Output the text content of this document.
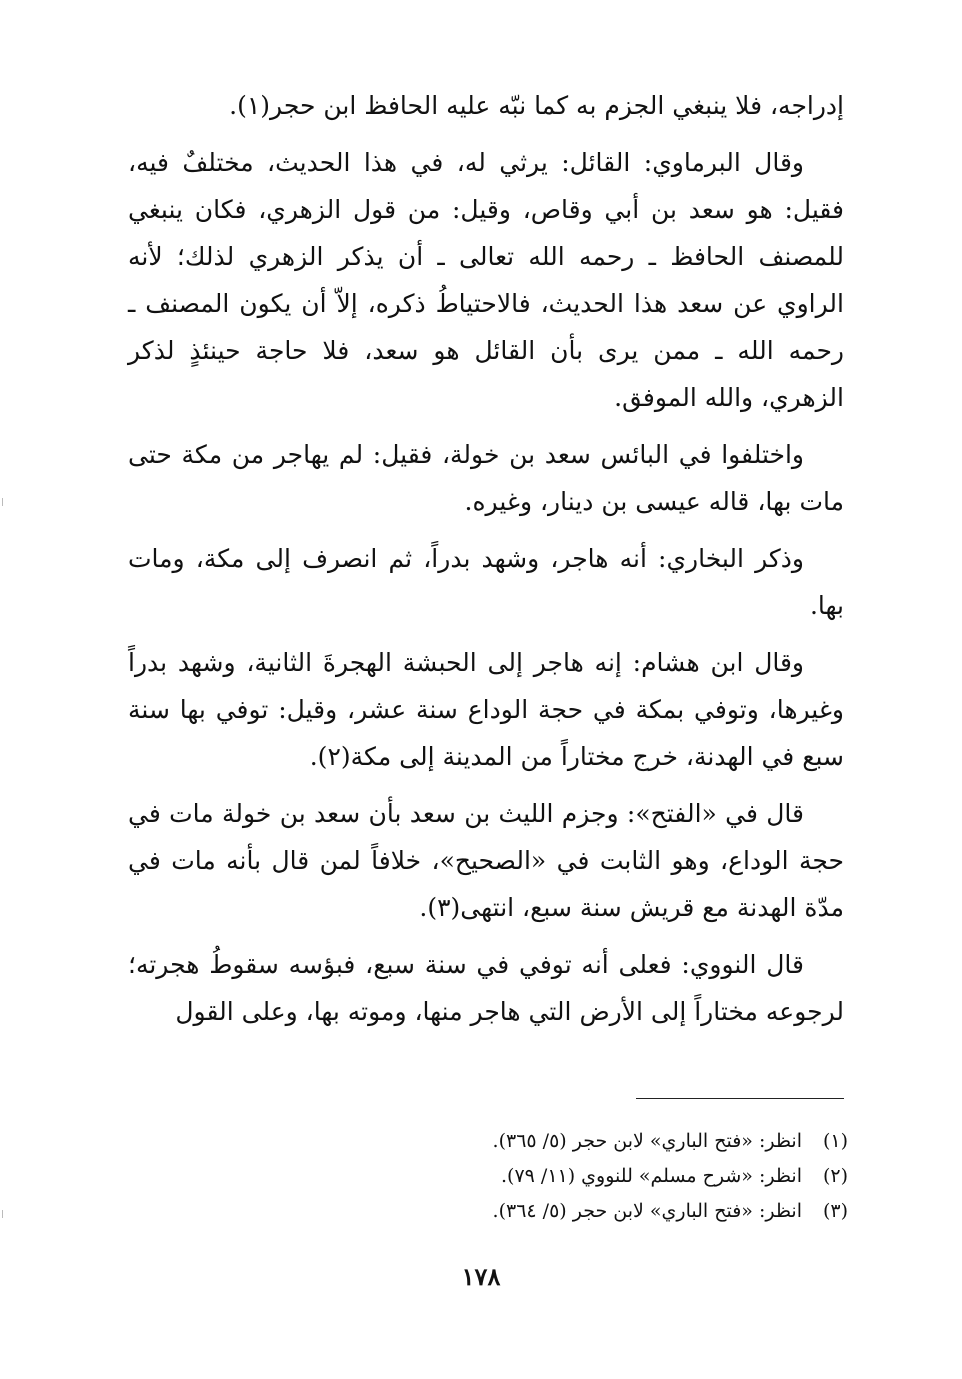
إدراجه، فلا ينبغي الجزم به كما نبّه عليه الحافظ ابن حجر(١).

وقال البرماوي: القائل: يرثي له، في هذا الحديث، مختلفٌ فيه، فقيل: هو سعد بن أبي وقاص، وقيل: من قول الزهري، فكان ينبغي للمصنف الحافظ ـ رحمه الله تعالى ـ أن يذكر الزهري لذلك؛ لأنه الراوي عن سعد هذا الحديث، فالاحتياطُ ذكره، إلاّ أن يكون المصنف ـ رحمه الله ـ ممن يرى بأن القائل هو سعد، فلا حاجة حينئذٍ لذكر الزهري، والله الموفق.

واختلفوا في البائس سعد بن خولة، فقيل: لم يهاجر من مكة حتى مات بها، قاله عيسى بن دينار، وغيره.

وذكر البخاري: أنه هاجر، وشهد بدراً، ثم انصرف إلى مكة، ومات بها.

وقال ابن هشام: إنه هاجر إلى الحبشة الهجرةَ الثانية، وشهد بدراً وغيرها، وتوفي بمكة في حجة الوداع سنة عشر، وقيل: توفي بها سنة سبع في الهدنة، خرج مختاراً من المدينة إلى مكة(٢).

قال في «الفتح»: وجزم الليث بن سعد بأن سعد بن خولة مات في حجة الوداع، وهو الثابت في «الصحيح»، خلافاً لمن قال بأنه مات في مدّة الهدنة مع قريش سنة سبع، انتهى(٣).

قال النووي: فعلى أنه توفي في سنة سبع، فبؤسه سقوطُ هجرته؛ لرجوعه مختاراً إلى الأرض التي هاجر منها، وموته بها، وعلى القول

(١)
انظر: «فتح الباري» لابن حجر (٥/ ٣٦٥).
(٢)
انظر: «شرح مسلم» للنووي (١١/ ٧٩).
(٣)
انظر: «فتح الباري» لابن حجر (٥/ ٣٦٤).
١٧٨
